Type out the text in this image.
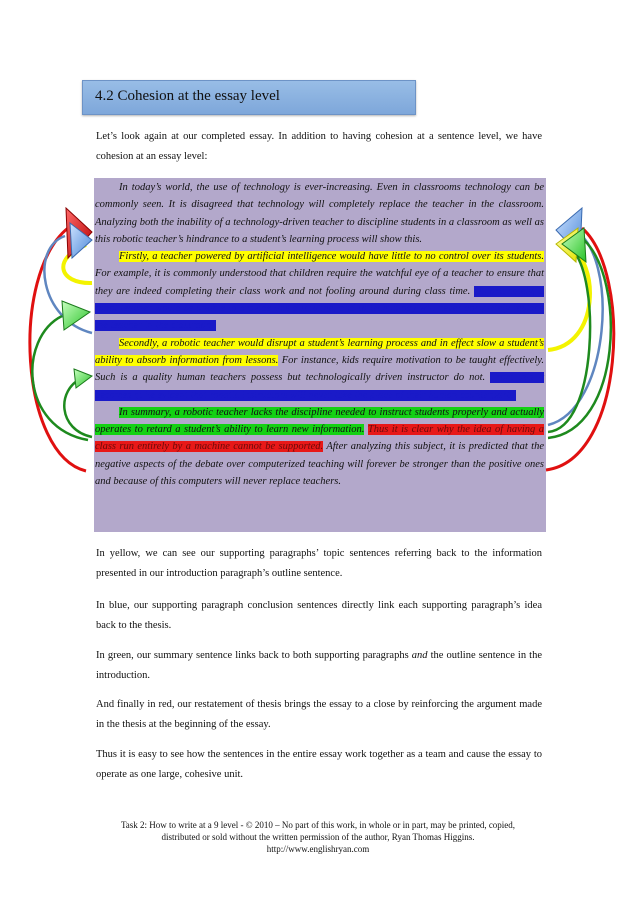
4.2 Cohesion at the essay level
Let’s look again at our completed essay. In addition to having cohesion at a sentence level, we have cohesion at an essay level:

In today’s world, the use of technology is ever-increasing. Even in classrooms technology can be commonly seen. It is disagreed that technology will completely replace the teacher in the classroom. Analyzing both the inability of a technology-driven teacher to discipline students in a classroom as well as this robotic teacher’s hindrance to a student’s learning process will show this.

Firstly, a teacher powered by artificial intelligence would have little to no control over its students. For example, it is commonly understood that children require the watchful eye of a teacher to ensure that they are indeed completing their class work and not fooling around during class time. Unfortunately, a robot teacher would be unable to provide this discipline, and so technology will never completely replace the teacher in the classroom.

Secondly, a robotic teacher would disrupt a student’s learning process and in effect slow a student’s ability to absorb information from lessons. For instance, kids require motivation to be taught effectively. Such is a quality human teachers possess but technologically driven instructor do not. From this it becomes quite evident that robotic instructors will never take the place of their human counterparts.

In summary, a robotic teacher lacks the discipline needed to instruct students properly and actually operates to retard a student’s ability to learn new information. Thus it is clear why the idea of having a class run entirely by a machine cannot be supported. After analyzing this subject, it is predicted that the negative aspects of the debate over computerized teaching will forever be stronger than the positive ones and because of this computers will never replace teachers.

In yellow, we can see our supporting paragraphs’ topic sentences referring back to the information presented in our introduction paragraph’s outline sentence.
In blue, our supporting paragraph conclusion sentences directly link each supporting paragraph’s idea back to the thesis.
In green, our summary sentence links back to both supporting paragraphs and the outline sentence in the introduction.
And finally in red, our restatement of thesis brings the essay to a close by reinforcing the argument made in the thesis at the beginning of the essay.
Thus it is easy to see how the sentences in the entire essay work together as a team and cause the essay to operate as one large, cohesive unit.
Task 2: How to write at a 9 level - © 2010 – No part of this work, in whole or in part, may be printed, copied,
distributed or sold without the written permission of the author, Ryan Thomas Higgins.
http://www.englishryan.com
